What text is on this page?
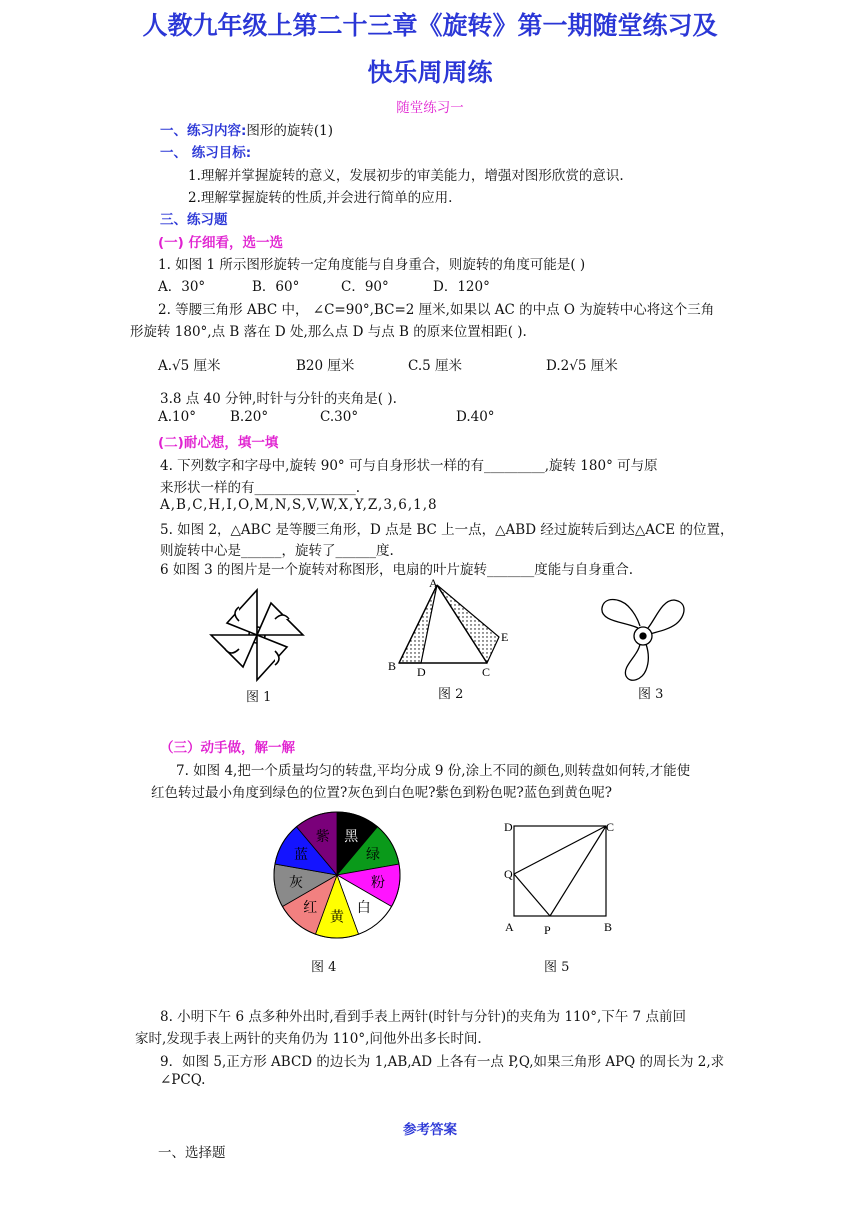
人教九年级上第二十三章《旋转》第一期随堂练习及
快乐周周练
随堂练习一
一、练习内容:图形的旋转(1)
一、 练习目标:
1.理解并掌握旋转的意义，发展初步的审美能力，增强对图形欣赏的意识.
2.理解掌握旋转的性质,并会进行简单的应用.
三、练习题
(一) 仔细看，选一选
1. 如图 1 所示图形旋转一定角度能与自身重合，则旋转的角度可能是( )
A．30°	B．60°	C．90°	D．120°
2. 等腰三角形 ABC 中， ∠C=90°,BC=2 厘米,如果以 AC 的中点 O 为旋转中心将这个三角
形旋转 180°,点 B 落在 D 处,那么点 D 与点 B 的原来位置相距( ).
A.√5 厘米	B20 厘米	C.5 厘米	D.2√5 厘米
3.8 点 40 分钟,时针与分针的夹角是( ).
A.10°	B.20°	C.30°	D.40°
(二)耐心想，填一填
4. 下列数字和字母中,旋转 90° 可与自身形状一样的有_________,旋转 180° 可与原
来形状一样的有_______________.
A,B,C,H,I,O,M,N,S,V,W,X,Y,Z,3,6,1,8
5. 如图 2，△ABC 是等腰三角形，D 点是 BC 上一点，△ABD 经过旋转后到达△ACE 的位置，
则旋转中心是______，旋转了______度.
6 如图 3 的图片是一个旋转对称图形，电扇的叶片旋转_______度能与自身重合.
图 1
A
B D	C
E
图 2	图 3
（三）动手做，解一解
7. 如图 4,把一个质量均匀的转盘,平均分成 9 份,涂上不同的颜色,则转盘如何转,才能使
红色转过最小角度到绿色的位置?灰色到白色呢?紫色到粉色呢?蓝色到黄色呢?
黑
绿
粉
白
黄
红
灰
蓝
紫
图 4
D	C
Q
A	P	B
图 5
8. 小明下午 6 点多种外出时,看到手表上两针(时针与分针)的夹角为 110°,下午 7 点前回
家时,发现手表上两针的夹角仍为 110°,问他外出多长时间.
9．如图 5,正方形 ABCD 的边长为 1,AB,AD 上各有一点 P,Q,如果三角形 APQ 的周长为 2,求
∠PCQ.
参考答案
一、选择题
